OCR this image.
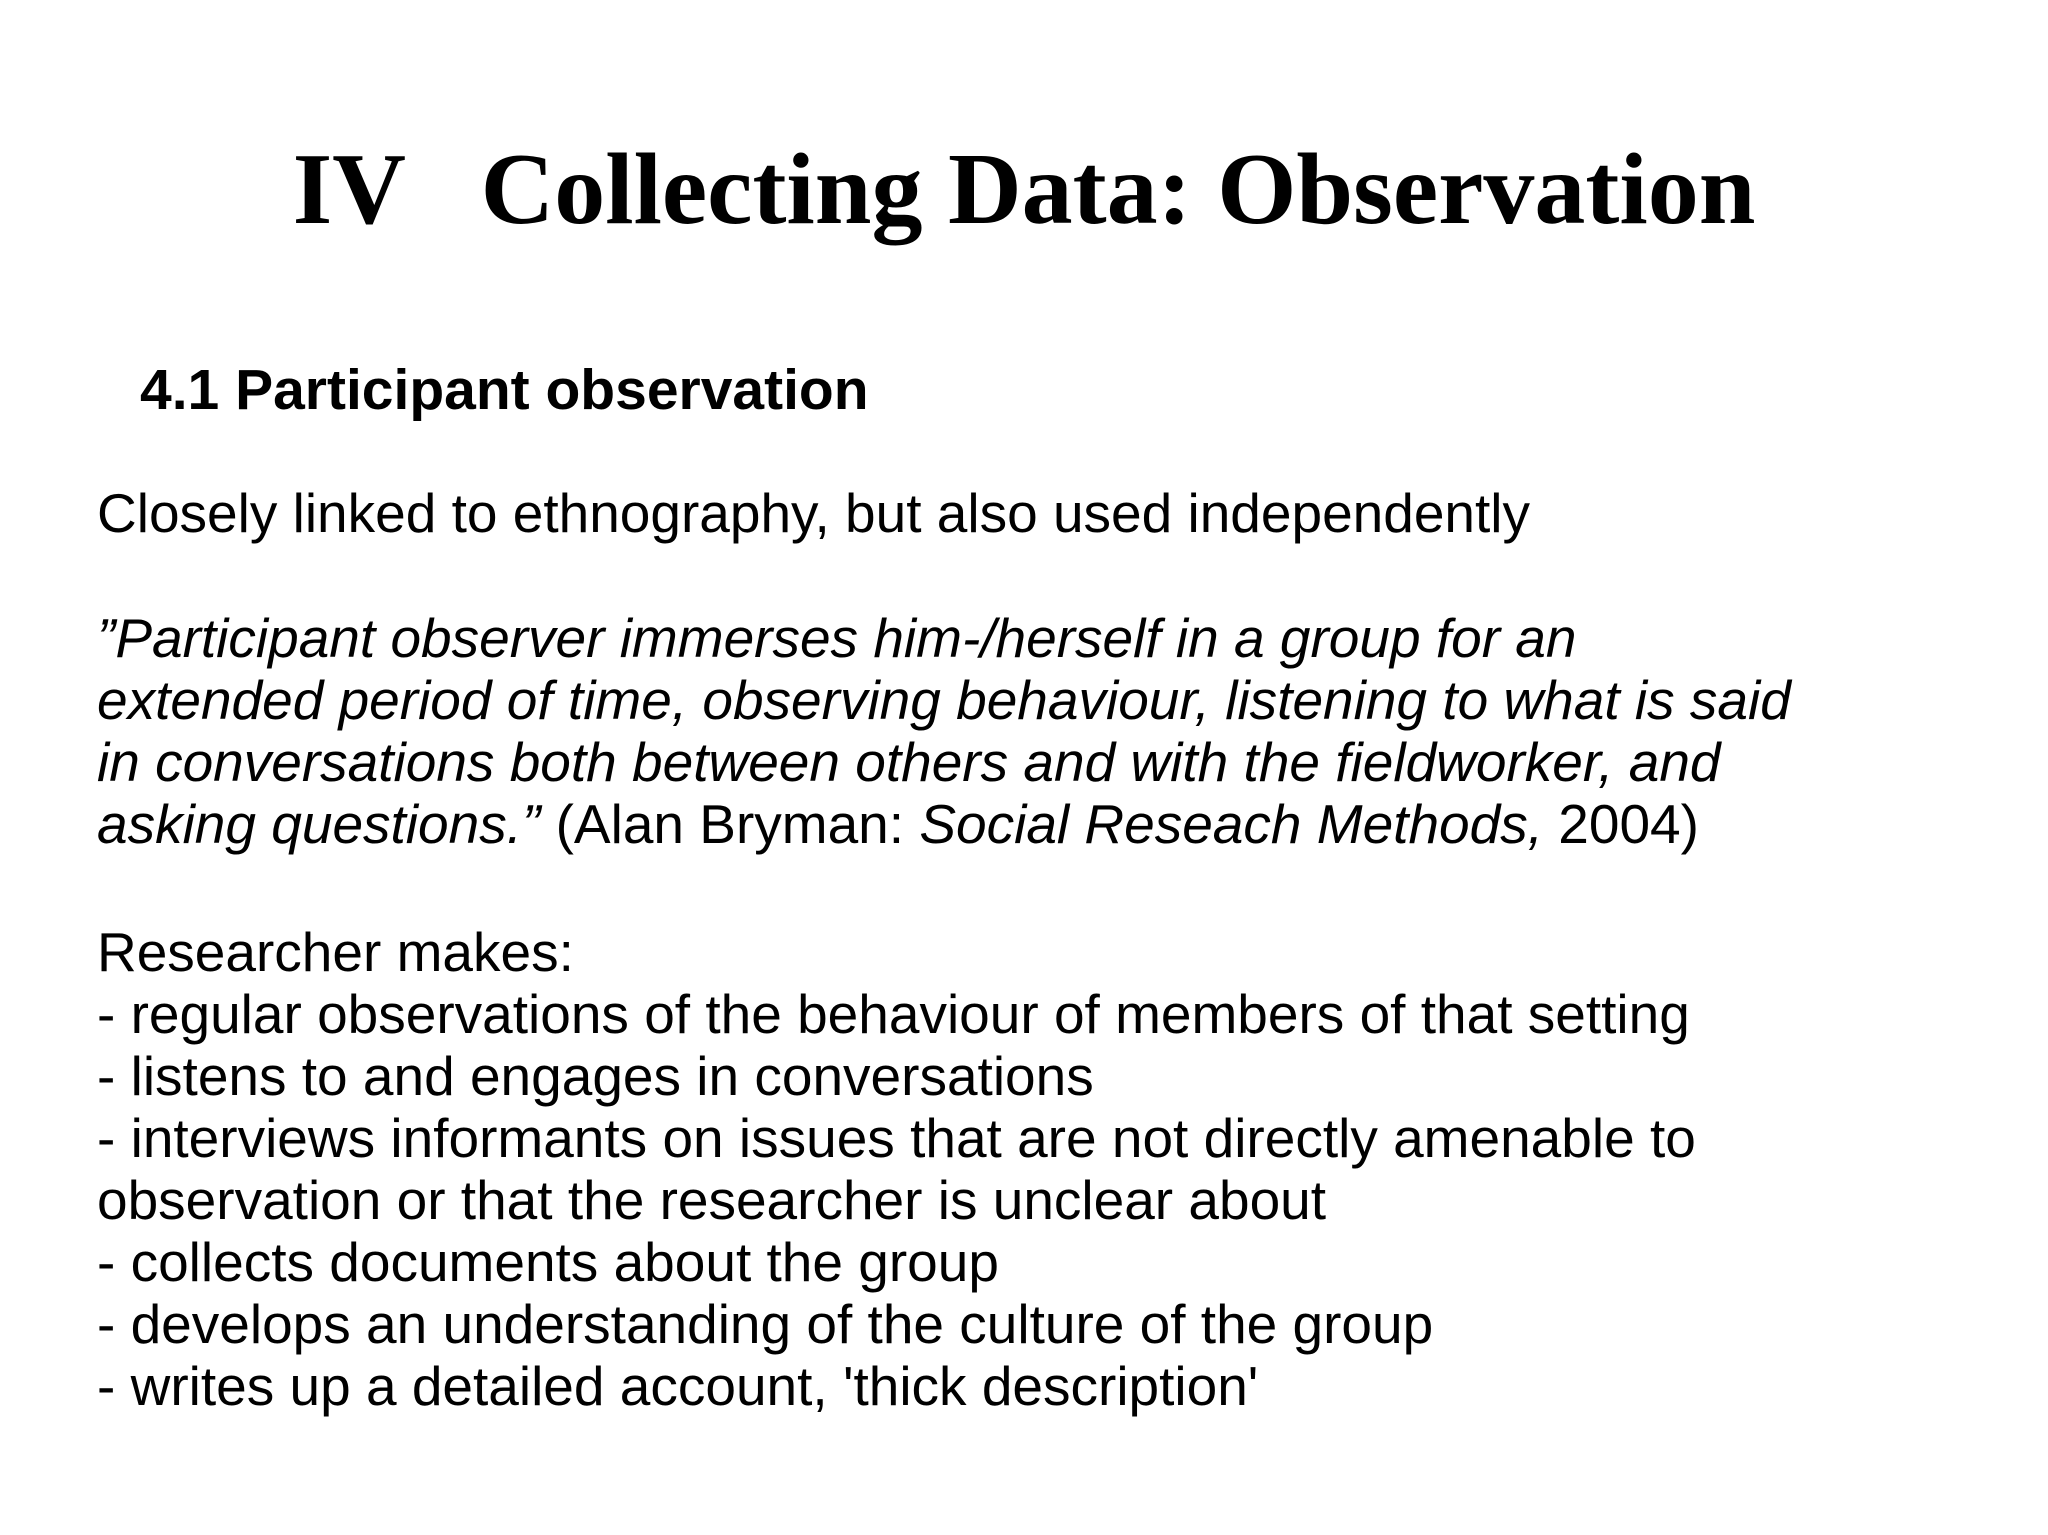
IV   Collecting Data: Observation
4.1 Participant observation
Closely linked to ethnography, but also used independently
”Participant observer immerses him-/herself in a group for an
extended period of time, observing behaviour, listening to what is said
in conversations both between others and with the fieldworker, and
asking questions.” (Alan Bryman: Social Reseach Methods, 2004)
Researcher makes:
- regular observations of the behaviour of members of that setting
- listens to and engages in conversations
- interviews informants on issues that are not directly amenable to
observation or that the researcher is unclear about
- collects documents about the group
- develops an understanding of the culture of the group
- writes up a detailed account, 'thick description'
